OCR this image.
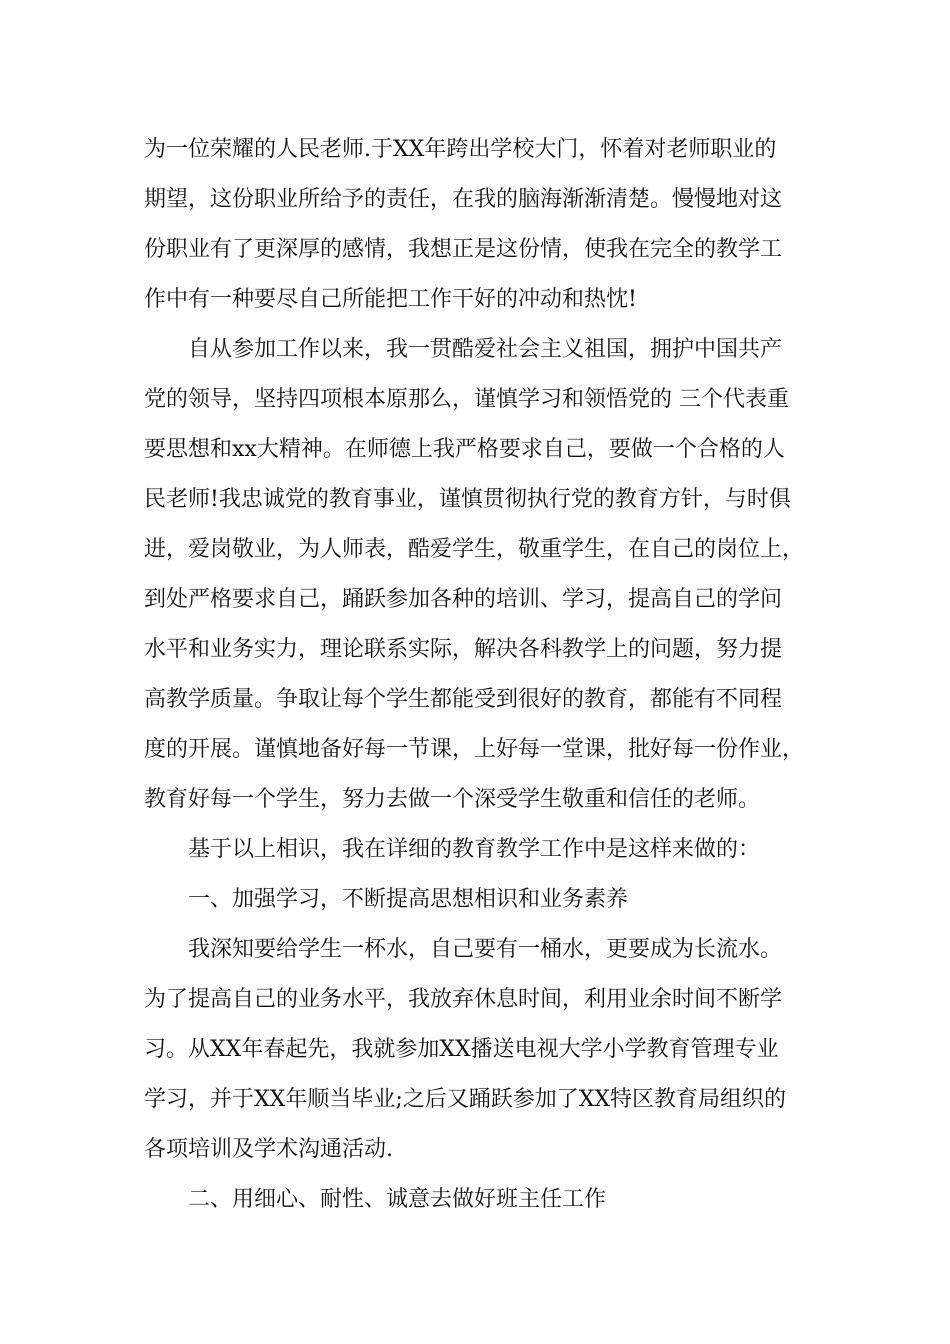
为一位荣耀的人民老师.于XX年跨出学校大门，怀着对老师职业的
期望，这份职业所给予的责任，在我的脑海渐渐清楚。慢慢地对这
份职业有了更深厚的感情，我想正是这份情，使我在完全的教学工
作中有一种要尽自己所能把工作干好的冲动和热忱!
自从参加工作以来，我一贯酷爱社会主义祖国，拥护中国共产
党的领导，坚持四项根本原那么，谨慎学习和领悟党的 三个代表重
要思想和xx大精神。在师德上我严格要求自己，要做一个合格的人
民老师!我忠诚党的教育事业，谨慎贯彻执行党的教育方针，与时俱
进，爱岗敬业，为人师表，酷爱学生，敬重学生，在自己的岗位上，
到处严格要求自己，踊跃参加各种的培训、学习，提高自己的学问
水平和业务实力，理论联系实际，解决各科教学上的问题，努力提
高教学质量。争取让每个学生都能受到很好的教育，都能有不同程
度的开展。谨慎地备好每一节课，上好每一堂课，批好每一份作业，
教育好每一个学生，努力去做一个深受学生敬重和信任的老师。
基于以上相识，我在详细的教育教学工作中是这样来做的：
一、加强学习，不断提高思想相识和业务素养
我深知要给学生一杯水，自己要有一桶水，更要成为长流水。
为了提高自己的业务水平，我放弃休息时间，利用业余时间不断学
习。从XX年春起先，我就参加XX播送电视大学小学教育管理专业
学习，并于XX年顺当毕业;之后又踊跃参加了XX特区教育局组织的
各项培训及学术沟通活动.
二、用细心、耐性、诚意去做好班主任工作
